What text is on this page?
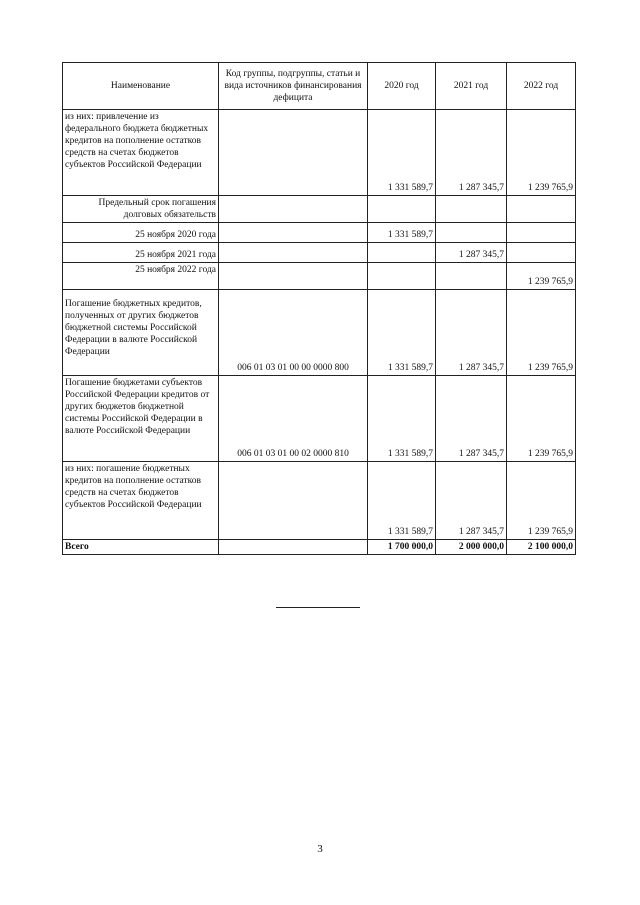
Наименование	Код группы, подгруппы, статьи и вида источников финансирования дефицита	2020 год	2021 год	2022 год
из них: привлечение из федерального бюджета бюджетных кредитов на пополнение остатков средств на счетах бюджетов субъектов Российской Федерации		1 331 589,7	1 287 345,7	1 239 765,9
Предельный срок погашения долговых обязательств				
25 ноября 2020 года		1 331 589,7		
25 ноября 2021 года			1 287 345,7	
25 ноября 2022 года				1 239 765,9
Погашение бюджетных кредитов, полученных от других бюджетов бюджетной системы Российской Федерации в валюте Российской Федерации	006 01 03 01 00 00 0000 800	1 331 589,7	1 287 345,7	1 239 765,9
Погашение бюджетами субъектов Российской Федерации кредитов от других бюджетов бюджетной системы Российской Федерации в валюте Российской Федерации	006 01 03 01 00 02 0000 810	1 331 589,7	1 287 345,7	1 239 765,9
из них: погашение бюджетных кредитов на пополнение остатков средств на счетах бюджетов субъектов Российской Федерации		1 331 589,7	1 287 345,7	1 239 765,9
Всего		1 700 000,0	2 000 000,0	2 100 000,0
3
